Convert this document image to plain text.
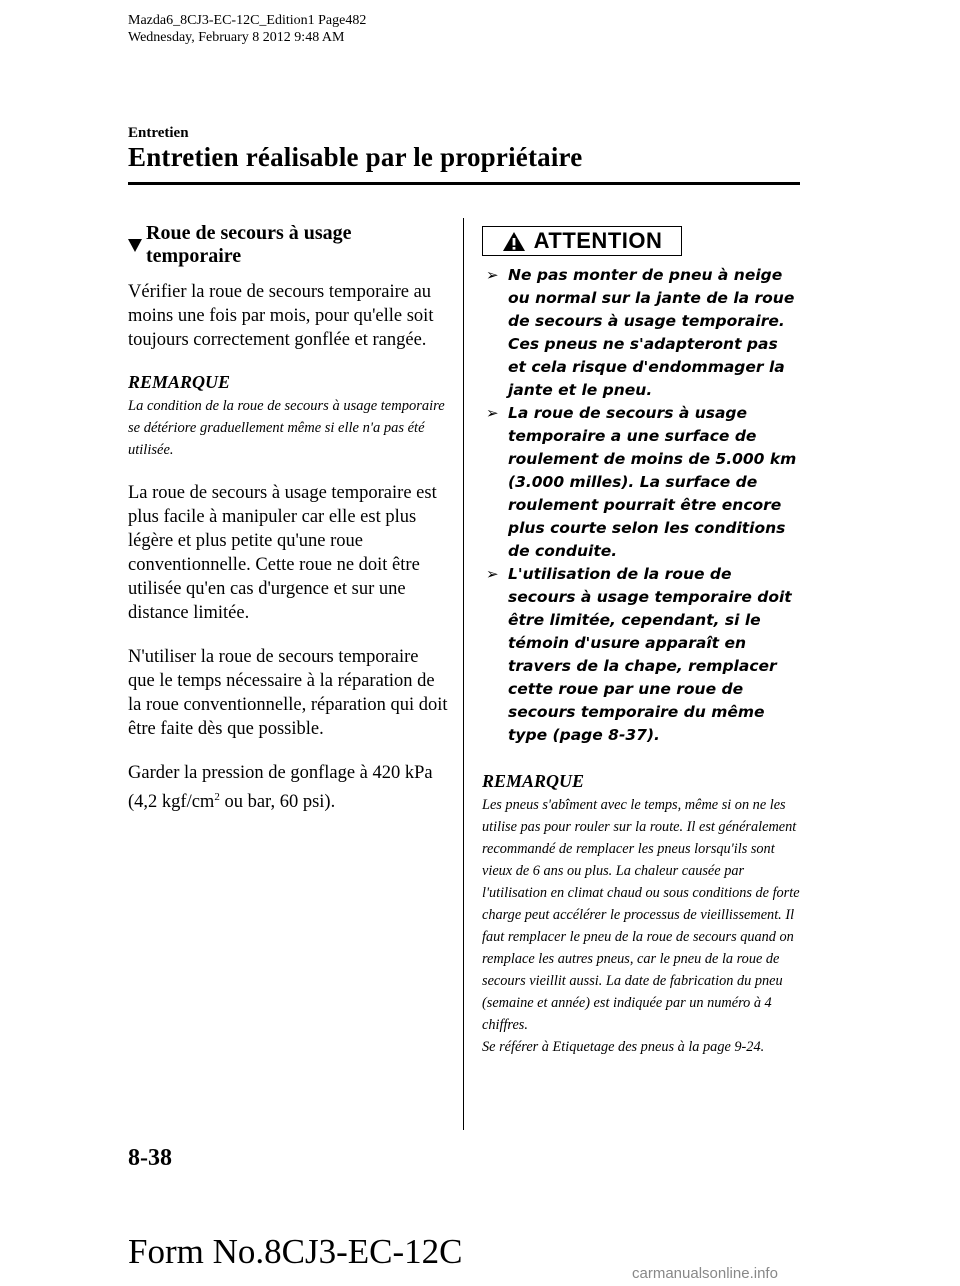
Mazda6_8CJ3-EC-12C_Edition1 Page482
Wednesday, February 8 2012 9:48 AM
Entretien
Entretien réalisable par le propriétaire
Roue de secours à usage temporaire

Vérifier la roue de secours temporaire au moins une fois par mois, pour qu'elle soit toujours correctement gonflée et rangée.

REMARQUE

La condition de la roue de secours à usage temporaire se détériore graduellement même si elle n'a pas été utilisée.

La roue de secours à usage temporaire est plus facile à manipuler car elle est plus légère et plus petite qu'une roue conventionnelle. Cette roue ne doit être utilisée qu'en cas d'urgence et sur une distance limitée.

N'utiliser la roue de secours temporaire que le temps nécessaire à la réparation de la roue conventionnelle, réparation qui doit être faite dès que possible.

Garder la pression de gonflage à 420 kPa (4,2 kgf/$cm^2$ ou bar, 60 psi).

ATTENTION
➢ Ne pas monter de pneu à neige ou normal sur la jante de la roue de secours à usage temporaire. Ces pneus ne s'adapteront pas et cela risque d'endommager la jante et le pneu.
➢ La roue de secours à usage temporaire a une surface de roulement de moins de 5.000 km (3.000 milles). La surface de roulement pourrait être encore plus courte selon les conditions de conduite.
➢ L'utilisation de la roue de secours à usage temporaire doit être limitée, cependant, si le témoin d'usure apparaît en travers de la chape, remplacer cette roue par une roue de secours temporaire du même type (page 8-37).
REMARQUE

Les pneus s'abîment avec le temps, même si on ne les utilise pas pour rouler sur la route. Il est généralement recommandé de remplacer les pneus lorsqu'ils sont vieux de 6 ans ou plus. La chaleur causée par l'utilisation en climat chaud ou sous conditions de forte charge peut accélérer le processus de vieillissement. Il faut remplacer le pneu de la roue de secours quand on remplace les autres pneus, car le pneu de la roue de secours vieillit aussi. La date de fabrication du pneu (semaine et année) est indiquée par un numéro à 4 chiffres.

Se référer à Etiquetage des pneus à la page 9-24.

8-38
Form No.8CJ3-EC-12C
carmanualsonline.info
